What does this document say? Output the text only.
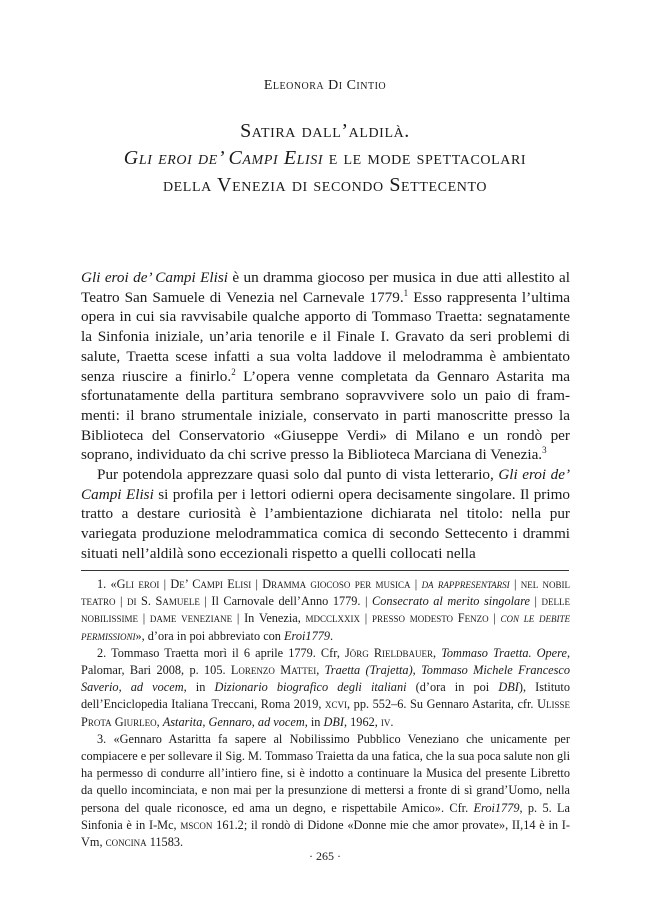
Eleonora Di Cintio
Satira dall’aldilà.
Gli eroi de’ Campi Elisi e le mode spettacolari
della Venezia di secondo Settecento

Gli eroi de’ Campi Elisi è un dramma giocoso per musica in due atti allestito al Teatro San Samuele di Venezia nel Carnevale 1779.$^1$ Esso rappresenta l’ultima opera in cui sia ravvisabile qualche apporto di Tommaso Traetta: segnatamente la Sinfonia iniziale, un’aria tenorile e il Finale I. Gravato da seri problemi di salute, Traetta scese infatti a sua volta laddove il melodramma è ambientato senza riuscire a finirlo.$^2$ L’opera venne completata da Gennaro Astarita ma sfortunatamente della partitura sembrano sopravvivere solo un paio di frammenti: il brano strumentale iniziale, conservato in parti manoscritte presso la Biblioteca del Conservatorio «Giuseppe Verdi» di Milano e un rondò per soprano, individuato da chi scrive presso la Biblioteca Marciana di Venezia.$^3$

Pur potendola apprezzare quasi solo dal punto di vista letterario, Gli eroi de’ Campi Elisi si profila per i lettori odierni opera decisamente singolare. Il primo tratto a destare curiosità è l’ambientazione dichiarata nel titolo: nella pur variegata produzione melodrammatica comica di secondo Settecento i drammi situati nell’aldilà sono eccezionali rispetto a quelli collocati nella

1. «Gli eroi | De’ Campi Elisi | Dramma giocoso per musica | da rappresentarsi | nel nobil teatro | di S. Samuele | Il Carnovale dell’Anno 1779. | Consecrato al merito singolare | delle nobilissime | dame veneziane | In Venezia, mdcclxxix | presso modesto Fenzo | con le debite permissioni», d’ora in poi abbreviato con Eroi1779.

2. Tommaso Traetta morì il 6 aprile 1779. Cfr, Jörg Rieldbauer, Tommaso Traetta. Opere, Palomar, Bari 2008, p. 105. Lorenzo Mattei, Traetta (Trajetta), Tommaso Michele Francesco Saverio, ad vocem, in Dizionario biografico degli italiani (d’ora in poi DBI), Istituto dell’Enciclopedia Italiana Treccani, Roma 2019, xcvi, pp. 552–6. Su Gennaro Astarita, cfr. Ulisse Prota Giurleo, Astarita, Gennaro, ad vocem, in DBI, 1962, iv.

3. «Gennaro Astaritta fa sapere al Nobilissimo Pubblico Veneziano che unicamente per compiacere e per sollevare il Sig. M. Tommaso Traietta da una fatica, che la sua poca salute non gli ha permesso di condurre all’intiero fine, si è indotto a continuare la Musica del presente Libretto da quello incominciata, e non mai per la presunzione di mettersi a fronte di sì grand’Uomo, nella persona del quale riconosce, ed ama un degno, e rispettabile Amico». Cfr. Eroi1779, p. 5. La Sinfonia è in I-Mc, mscon 161.2; il rondò di Didone «Donne mie che amor provate», II,14 è in I-Vm, concina 11583.

· 265 ·
